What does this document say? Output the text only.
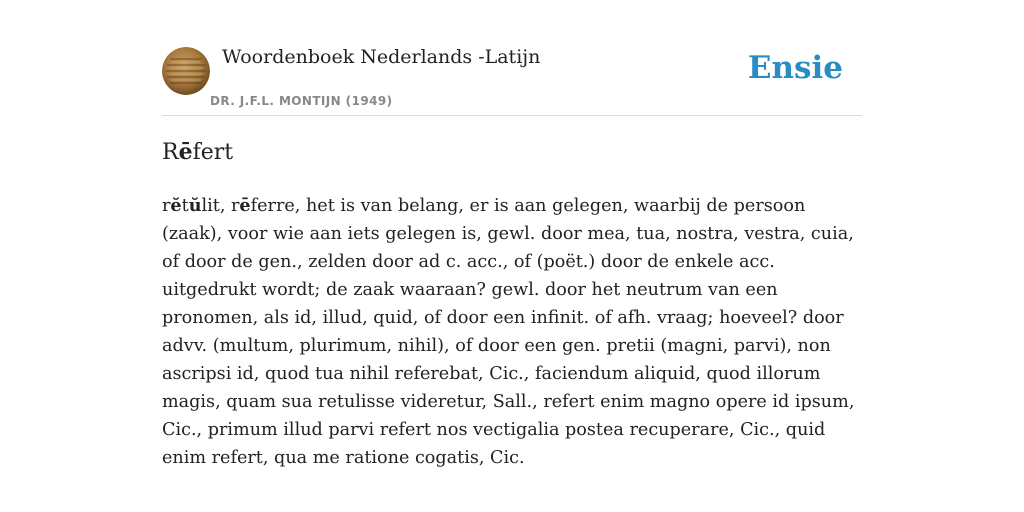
Woordenboek Nederlands -Latijn
DR. J.F.L. MONTIJN (1949)
Ensie
Rēfert

rĕtŭlit, rēferre, het is van belang, er is aan gelegen, waarbij de persoon (zaak), voor wie aan iets gelegen is, gewl. door mea, tua, nostra, vestra, cuia, of door de gen., zelden door ad c. acc., of (poët.) door de enkele acc. uitgedrukt wordt; de zaak waaraan? gewl. door het neutrum van een pronomen, als id, illud, quid, of door een infinit. of afh. vraag; hoeveel? door advv. (multum, plurimum, nihil), of door een gen. pretii (magni, parvi), non ascripsi id, quod tua nihil referebat, Cic., faciendum aliquid, quod illorum magis, quam sua retulisse videretur, Sall., refert enim magno opere id ipsum, Cic., primum illud parvi refert nos vectigalia postea recuperare, Cic., quid enim refert, qua me ratione cogatis, Cic.
